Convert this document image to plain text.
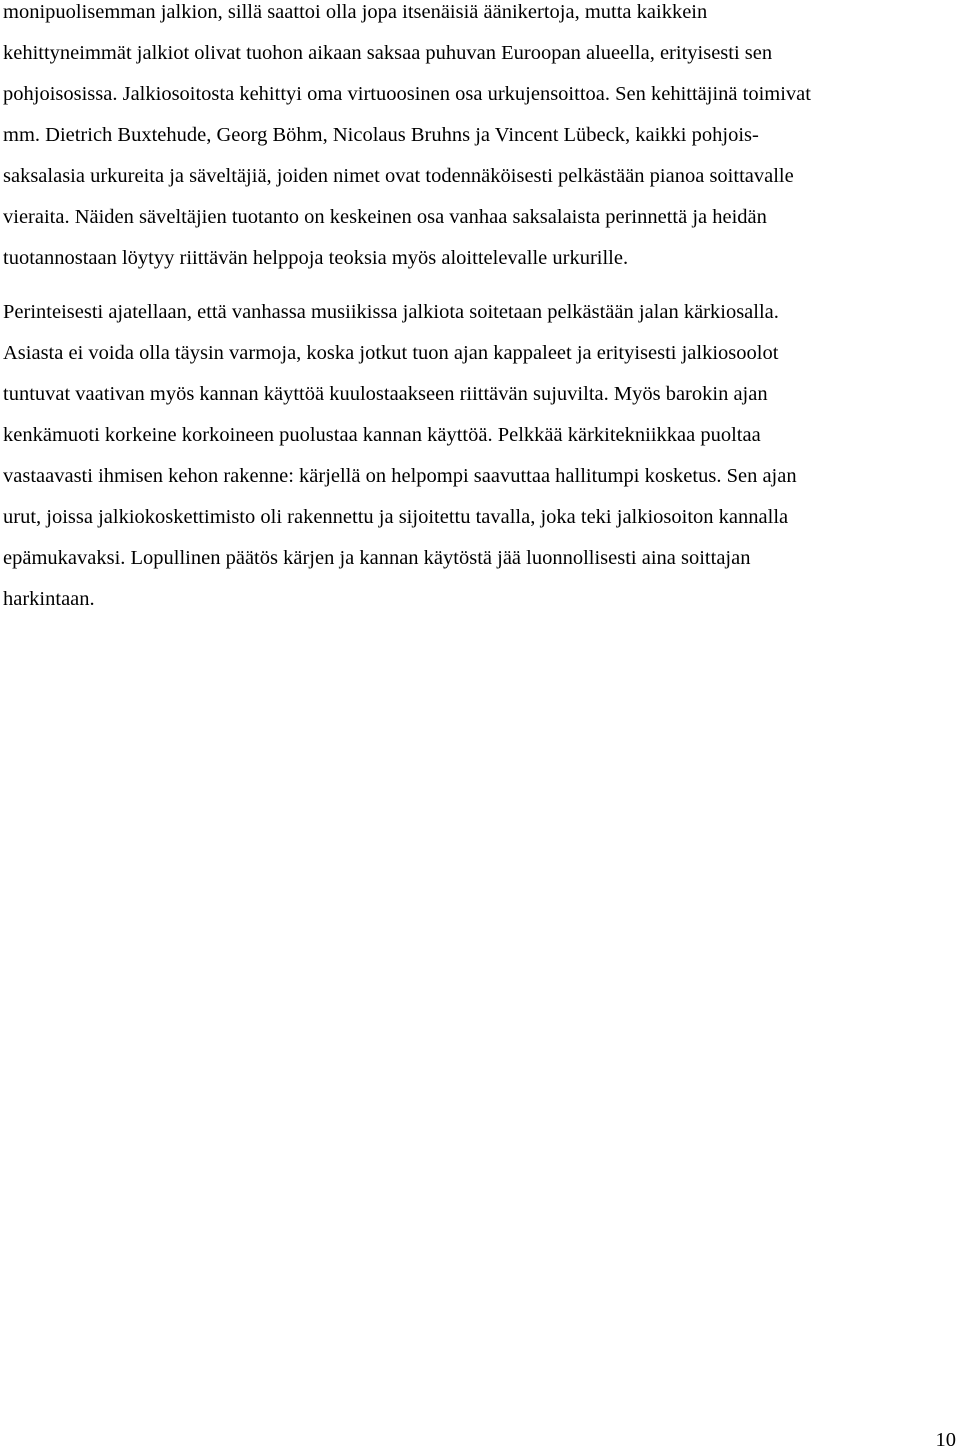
monipuolisemman jalkion, sillä saattoi olla jopa itsenäisiä äänikertoja, mutta kaikkein
kehittyneimmät jalkiot olivat tuohon aikaan saksaa puhuvan Euroopan alueella, erityisesti sen
pohjoisosissa. Jalkiosoitosta kehittyi oma virtuoosinen osa urkujensoittoa. Sen kehittäjinä toimivat
mm. Dietrich Buxtehude, Georg Böhm, Nicolaus Bruhns ja Vincent Lübeck, kaikki pohjois-
saksalasia urkureita ja säveltäjiä, joiden nimet ovat todennäköisesti pelkästään pianoa soittavalle
vieraita. Näiden säveltäjien tuotanto on keskeinen osa vanhaa saksalaista perinnettä ja heidän
tuotannostaan löytyy riittävän helppoja teoksia myös aloittelevalle urkurille.

Perinteisesti ajatellaan, että vanhassa musiikissa jalkiota soitetaan pelkästään jalan kärkiosalla.
Asiasta ei voida olla täysin varmoja, koska jotkut tuon ajan kappaleet ja erityisesti jalkiosoolot
tuntuvat vaativan myös kannan käyttöä kuulostaakseen riittävän sujuvilta. Myös barokin ajan
kenkämuoti korkeine korkoineen puolustaa kannan käyttöä. Pelkkää kärkitekniikkaa puoltaa
vastaavasti ihmisen kehon rakenne: kärjellä on helpompi saavuttaa hallitumpi kosketus. Sen ajan
urut, joissa jalkiokoskettimisto oli rakennettu ja sijoitettu tavalla, joka teki jalkiosoiton kannalla
epämukavaksi. Lopullinen päätös kärjen ja kannan käytöstä jää luonnollisesti aina soittajan
harkintaan.

10
